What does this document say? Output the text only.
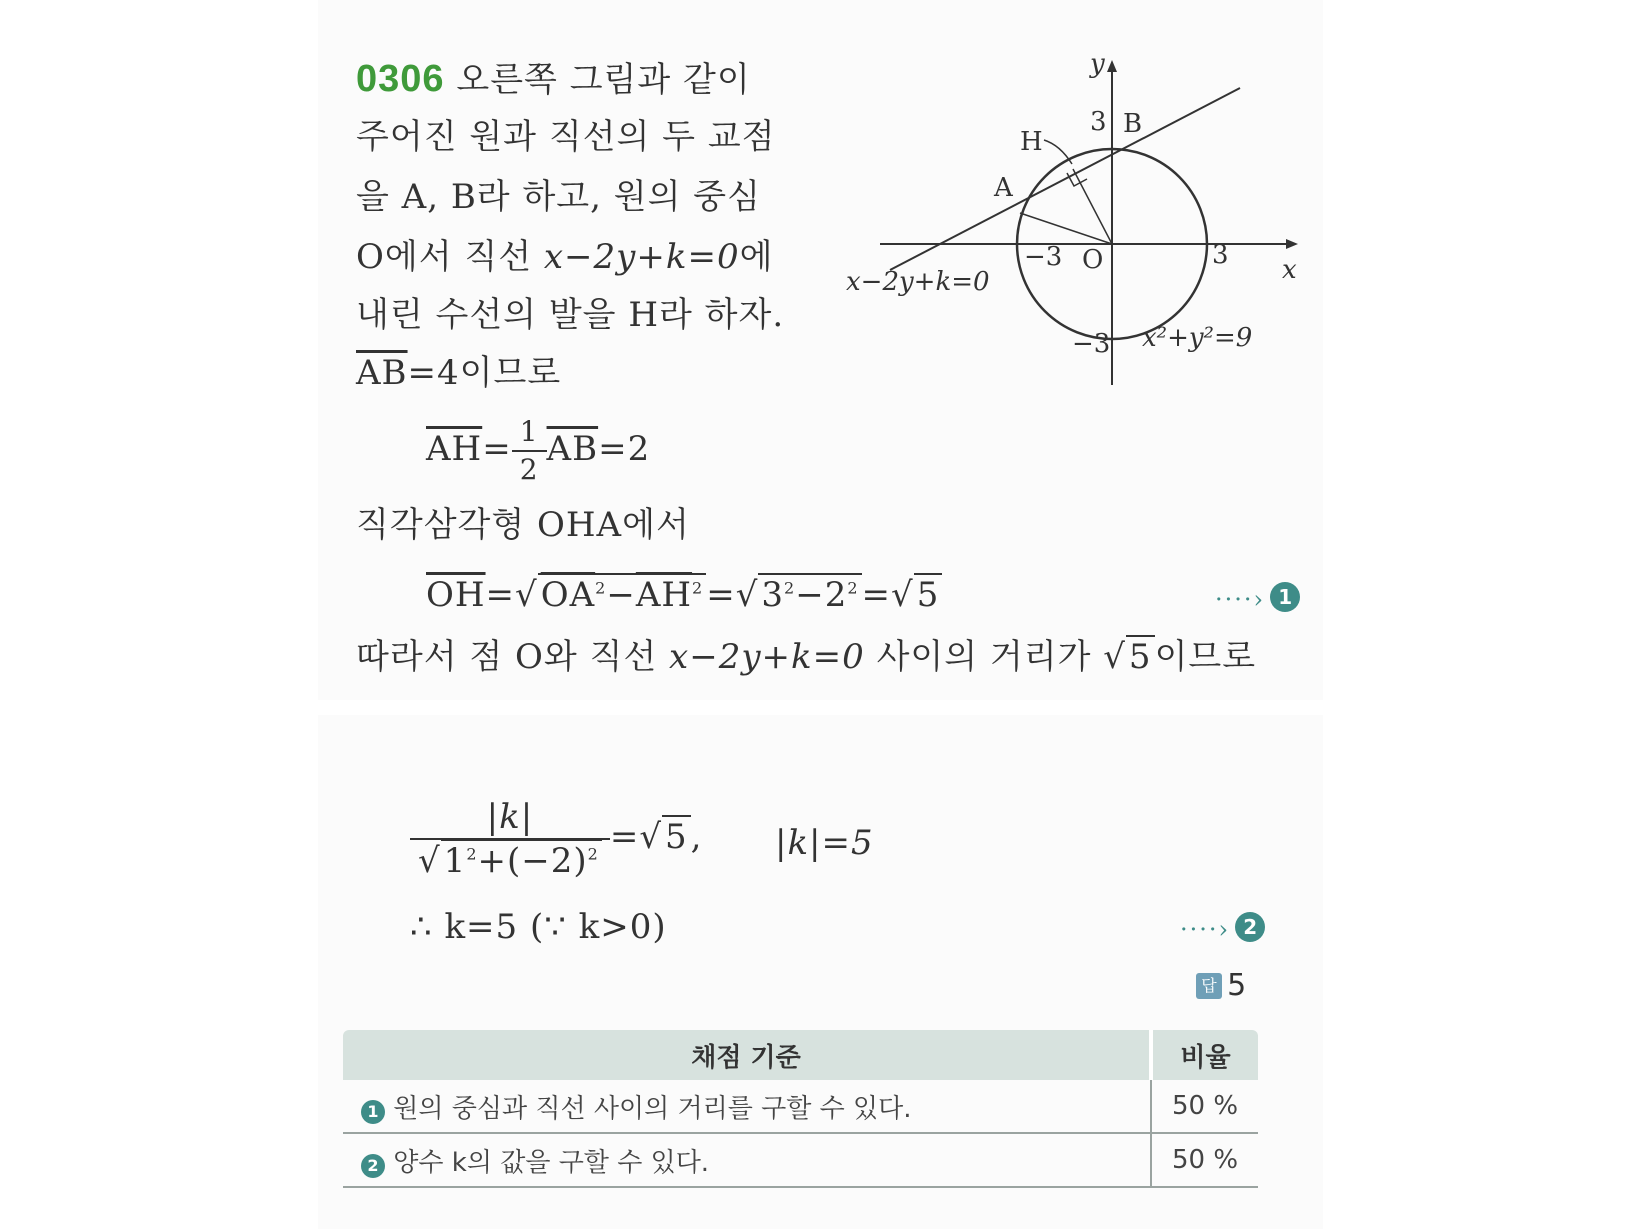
0306 오른쪽 그림과 같이
주어진 원과 직선의 두 교점
을 A, B라 하고, 원의 중심
O에서 직선 x−2y+k=0에
내린 수선의 발을 H라 하자.
$\overline{AB}=4$이므로
$\overline{AH}= \frac{1}{2} \overline{AB}=2$
직각삼각형 OHA에서
$\overline{OH}=√OA^2-\overline{AH}^2=√3^2-2^2=√5$	····› 1
따라서 점 O와 직선 x−2y+k=0 사이의 거리가 √5이므로
$\frac{|k|}{√1^2+(-2)^2} =√5$, |k|=5
∴ k=5 (∵ k>0)	····› 2
답 5
y
x
3 B
H
A
−3 O	3
x−2y+k=0
−3 x²+y²=9
채점 기준	비율
1 원의 중심과 직선 사이의 거리를 구할 수 있다.	50 %
2 양수 k의 값을 구할 수 있다.	50 %
